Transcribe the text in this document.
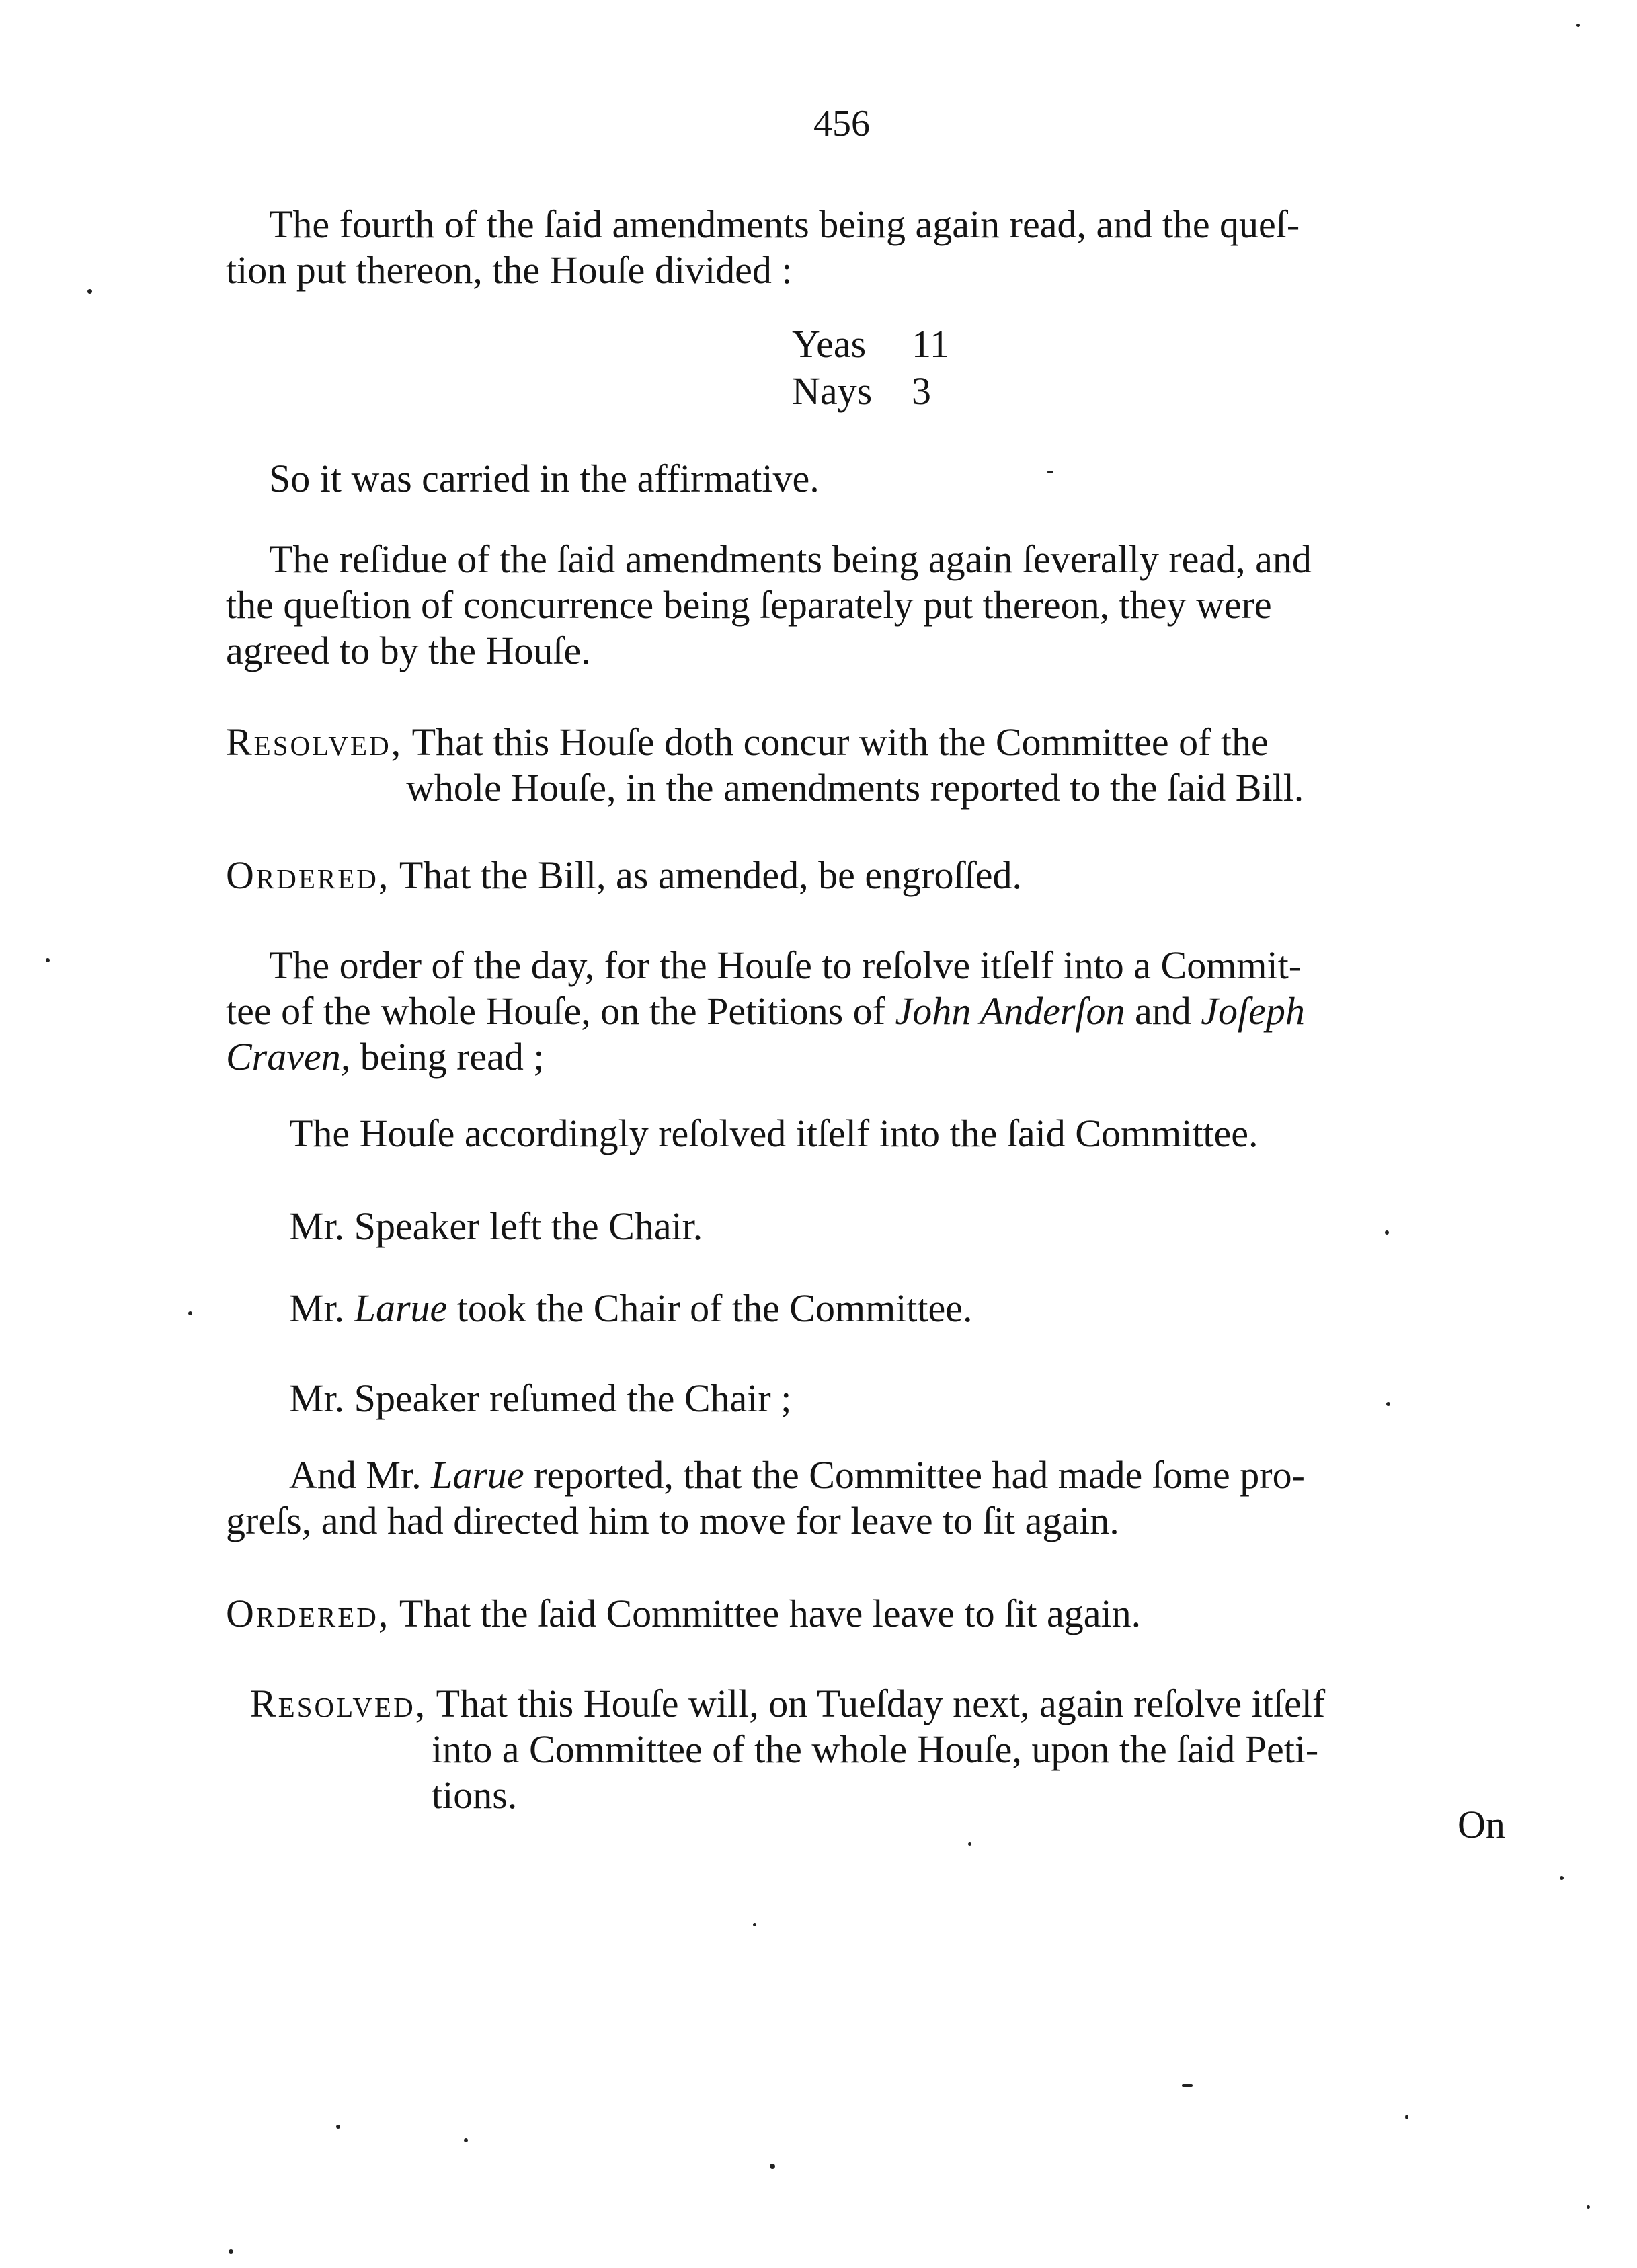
456
The fourth of the ſaid amendments being again read, and the queſ-
tion put thereon, the Houſe divided :
Yeas 11
Nays 3
So it was carried in the affirmative.
The reſidue of the ſaid amendments being again ſeverally read, and
the queſtion of concurrence being ſeparately put thereon, they were
agreed to by the Houſe.
Resolved, That this Houſe doth concur with the Committee of the
whole Houſe, in the amendments reported to the ſaid Bill.
Ordered, That the Bill, as amended, be engroſſed.
The order of the day, for the Houſe to reſolve itſelf into a Commit-
tee of the whole Houſe, on the Petitions of John Anderſon and Joſeph
Craven, being read ;
The Houſe accordingly reſolved itſelf into the ſaid Committee.
Mr. Speaker left the Chair.
Mr. Larue took the Chair of the Committee.
Mr. Speaker reſumed the Chair ;
And Mr. Larue reported, that the Committee had made ſome pro-
greſs, and had directed him to move for leave to ſit again.
Ordered, That the ſaid Committee have leave to ſit again.
Resolved, That this Houſe will, on Tueſday next, again reſolve itſelf
into a Committee of the whole Houſe, upon the ſaid Peti-
tions.
On
